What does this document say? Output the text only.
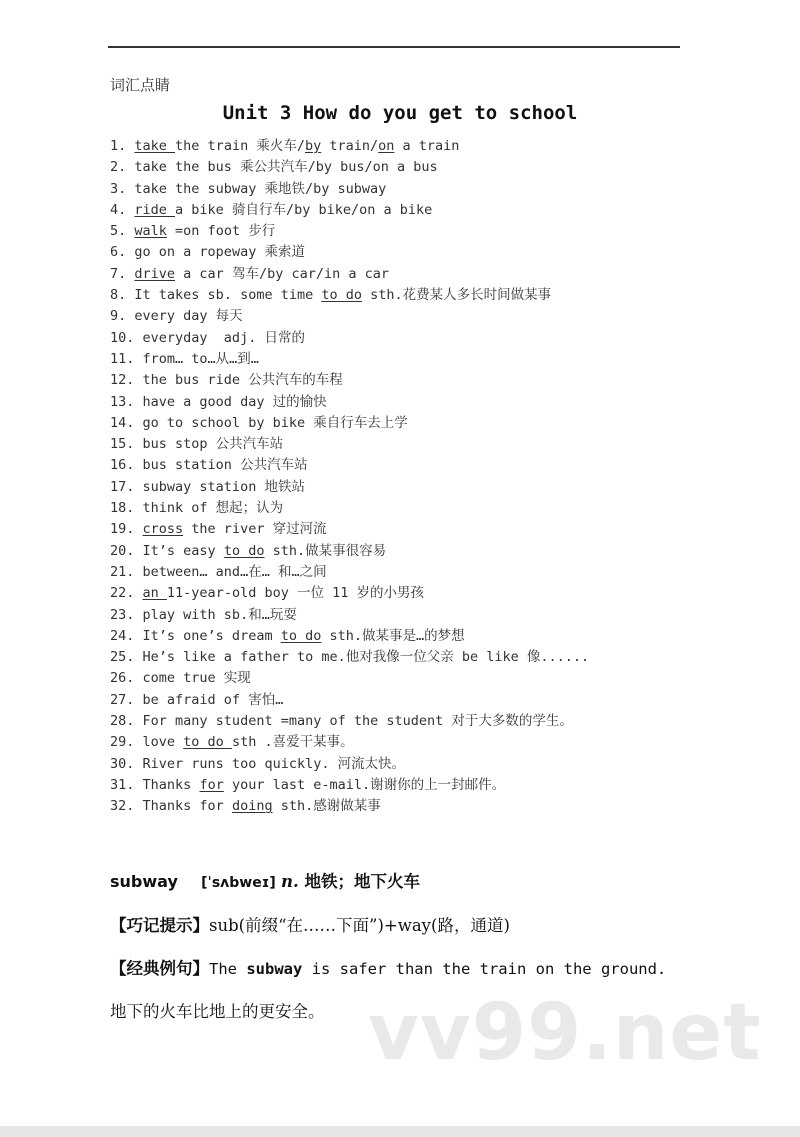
词汇点睛
Unit 3 How do you get to school
1. take the train 乘火车/by train/on a train
2. take the bus 乘公共汽车/by bus/on a bus
3. take the subway 乘地铁/by subway
4. ride a bike 骑自行车/by bike/on a bike
5. walk =on foot 步行
6. go on a ropeway 乘索道
7. drive a car 驾车/by car/in a car
8. It takes sb. some time to do sth.花费某人多长时间做某事
9. every day 每天
10. everyday  adj. 日常的
11. from… to…从…到…
12. the bus ride 公共汽车的车程
13. have a good day 过的愉快
14. go to school by bike 乘自行车去上学
15. bus stop 公共汽车站
16. bus station 公共汽车站
17. subway station 地铁站
18. think of 想起；认为
19. cross the river 穿过河流
20. It’s easy to do sth.做某事很容易
21. between… and…在… 和…之间
22. an 11-year-old boy 一位 11 岁的小男孩
23. play with sb.和…玩耍
24. It’s one’s dream to do sth.做某事是…的梦想
25. He’s like a father to me.他对我像一位父亲 be like 像......
26. come true 实现
27. be afraid of 害怕…
28. For many student =many of the student 对于大多数的学生。
29. love to do sth .喜爱干某事。
30. River runs too quickly. 河流太快。
31. Thanks for your last e-mail.谢谢你的上一封邮件。
32. Thanks for doing sth.感谢做某事
subway [ˈsʌbweɪ] n. 地铁；地下火车
【巧记提示】sub(前缀“在……下面”)+way(路，通道)
【经典例句】The subway is safer than the train on the ground.
地下的火车比地上的更安全。 vv99.net
